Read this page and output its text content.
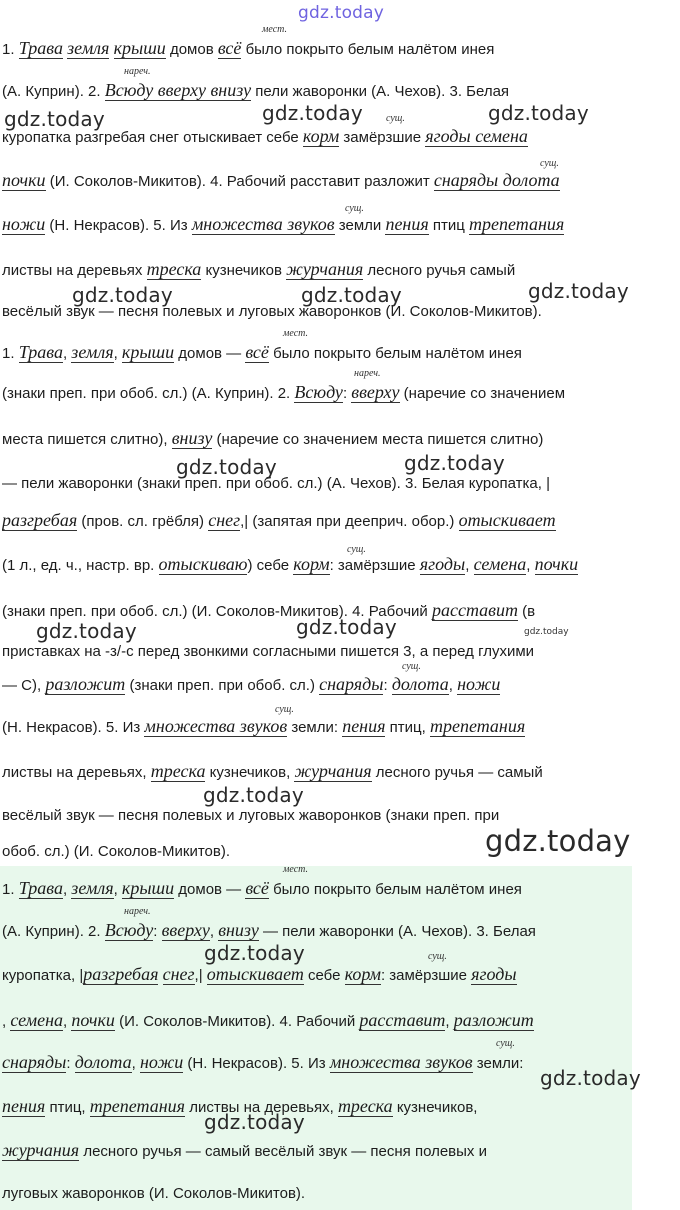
gdz.today
1. Трава земля крыши домов всё было покрыто белым налётом инея
(А. Куприн). 2. Всюду вверху внизу пели жаворонки (А. Чехов). 3. Белая
куропатка разгребая снег отыскивает себе корм замёрзшие ягоды семена
почки (И. Соколов-Микитов). 4. Рабочий расставит разложит снаряды долота
ножи (Н. Некрасов). 5. Из множества звуков земли пения птиц трепетания
листвы на деревьях треска кузнечиков журчания лесного ручья самый
весёлый звук — песня полевых и луговых жаворонков (И. Соколов-Микитов).
1. Трава, земля, крыши домов — всё было покрыто белым налётом инея
(знаки преп. при обоб. сл.) (А. Куприн). 2. Всюду: вверху (наречие со значением
места пишется слитно), внизу (наречие со значением места пишется слитно)
— пели жаворонки (знаки преп. при обоб. сл.) (А. Чехов). 3. Белая куропатка, |
разгребая (пров. сл. грёбля) снег,| (запятая при дееприч. обор.) отыскивает
(1 л., ед. ч., настр. вр. отыскиваю) себе корм: замёрзшие ягоды, семена, почки
(знаки преп. при обоб. сл.) (И. Соколов-Микитов). 4. Рабочий расставит (в
приставках на -з/-с перед звонкими согласными пишется 3, а перед глухими
— С), разложит (знаки преп. при обоб. сл.) снаряды: долота, ножи
(Н. Некрасов). 5. Из множества звуков земли: пения птиц, трепетания
листвы на деревьях, треска кузнечиков, журчания лесного ручья — самый
весёлый звук — песня полевых и луговых жаворонков (знаки преп. при
обоб. сл.) (И. Соколов-Микитов).
1. Трава, земля, крыши домов — всё было покрыто белым налётом инея
(А. Куприн). 2. Всюду: вверху, внизу — пели жаворонки (А. Чехов). 3. Белая
куропатка, |разгребая снег,| отыскивает себе корм: замёрзшие ягоды
, семена, почки (И. Соколов-Микитов). 4. Рабочий расставит, разложит
снаряды: долота, ножи (Н. Некрасов). 5. Из множества звуков земли:
пения птиц, трепетания листвы на деревьях, треска кузнечиков,
журчания лесного ручья — самый весёлый звук — песня полевых и
луговых жаворонков (И. Соколов-Микитов).
мест.
нареч.
сущ.
сущ.
сущ.
мест.
нареч.
сущ.
сущ.
сущ.
мест.
нареч.
сущ.
сущ.
gdz.today
gdz.today	gdz.today	gdz.today
gdz.today	gdz.today	gdz.today
gdz.today	gdz.today
gdz.today	gdz.today
gdz.today
gdz.today
gdz.today
gdz.today
gdz.today
